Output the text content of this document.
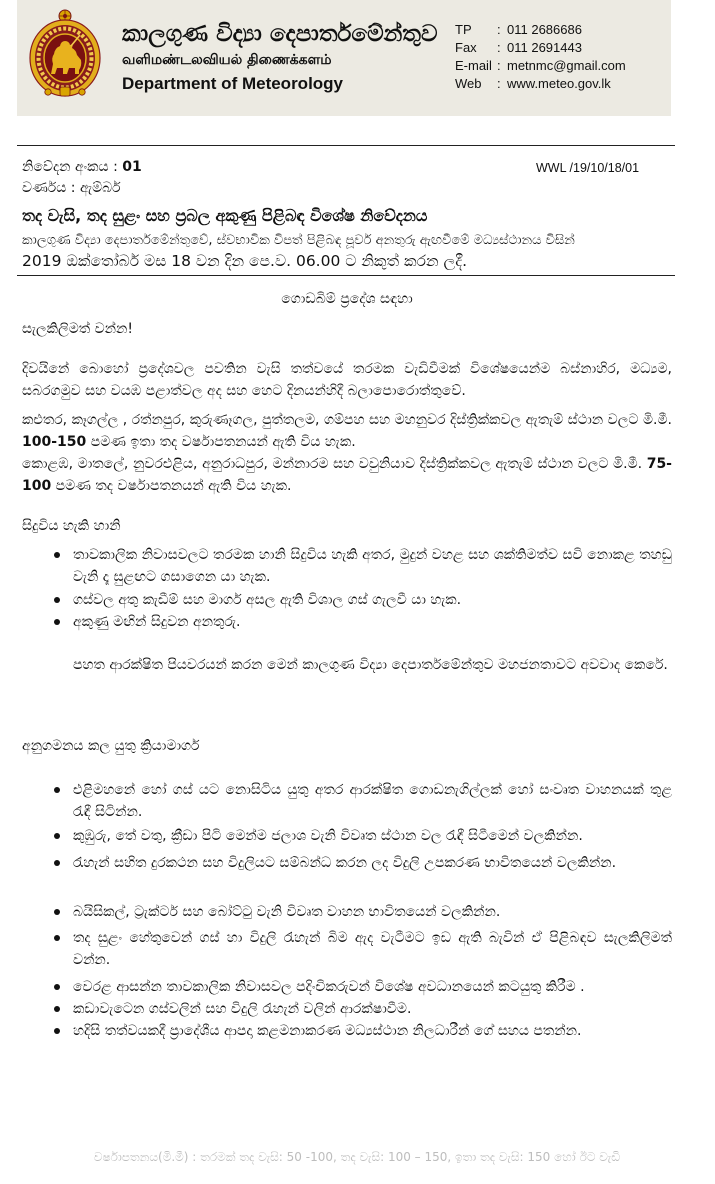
කාලගුණ විද්‍යා දෙපාර්තමේන්තුව
வளிமண்டலவியல் திணைக்களம்
Department of Meteorology
TP	: 011 2686686
Fax	: 011 2691443
E-mail : metnmc@gmail.com
Web	: www.meteo.gov.lk
නිවේදන අංකය : 01	WWL /19/10/18/01
වර්ණය : ඇම්බර්
තද වැසි, තද සුළං සහ ප්‍රබල අකුණු පිළිබඳ විශේෂ නිවේදනය
කාලගුණ විද්‍යා දෙපාර්තමේන්තුවේ, ස්වභාවික විපත් පිළිබඳ පූර්ව අනතුරු ඇඟවීමේ මධ්‍යස්ථානය විසින්
2019 ඔක්තෝබර් මස 18 වන දින පෙ.ව. 06.00 ට නිකුත් කරන ලදී.
ගොඩබිම් ප්‍රදේශ සඳහා
සැලකිලිමත් වන්න!
දිවයිනේ බොහෝ ප්‍රදේශවල පවතින වැසි තත්වයේ තරමක වැඩිවීමක් විශේෂයෙන්ම බස්නාහිර, මධ්‍යම, සබරගමුව සහ වයඹ පළාත්වල අද සහ හෙට දිනයන්හිදී බලාපොරොත්තුවේ.
කළුතර, කෑගල්ල , රත්නපුර, කුරුණෑගල, පුත්තලම, ගම්පහ සහ මහනුවර දිස්ත්‍රික්කවල ඇතැම් ස්ථාන වලට මි.මී. 100-150 පමණ ඉතා තද වර්ෂාපතනයන් ඇති විය හැක.
කොළඹ, මාතලේ, නුවරඑළිය, අනුරාධපුර, මන්නාරම සහ වවුනියාව දිස්ත්‍රික්කවල ඇතැම් ස්ථාන වලට මි.මී. 75-100 පමණ තද වර්ෂාපතනයන් ඇති විය හැක.
සිදුවිය හැකි හානි
තාවකාලික නිවාසවලට තරමක හානි සිදුවිය හැකි අතර, මුදුන් වහළ සහ ශක්තිමත්ව සවි නොකළ තහඩු වැනි දෑ සුළඟට ගසාගෙන යා හැක.
ගස්වල අතු කැඩීම් සහ මාර්ග අසල ඇති විශාල ගස් ගැලවී යා හැක.
අකුණු මඟින් සිදුවන අනතුරු.
පහත ආරක්ෂිත පියවරයන් කරන මෙන් කාලගුණ විද්‍යා දෙපාර්තමේන්තුව මහජනතාවට අවවාද කෙරේ.
අනුගමනය කල යුතු ක්‍රියාමාර්ග
එළිමහනේ හෝ ගස් යට නොසිටිය යුතු අතර ආරක්ෂිත ගොඩනැගිල්ලක් හෝ සංවෘත වාහනයක් තුළ රැඳී සිටින්න.
කුඹුරු, තේ වතු, ක්‍රීඩා පිටි මෙන්ම ජලාශ වැනි විවෘත ස්ථාන වල රැඳී සිටීමෙන් වලකින්න.
රැහැන් සහිත දුරකථන සහ විදුලියට සම්බන්ධ කරන ලද විදුලි උපකරණ භාවිතයෙන් වලකින්න.
බයිසිකල්, ට්‍රැක්ටර් සහ බෝට්ටු වැනි විවෘත වාහන භාවිතයෙන් වලකින්න.
තද සුළං හේතුවෙන් ගස් හා විදුලි රැහැන් බිම ඇද වැටීමට ඉඩ ඇති බැවින් ඒ පිළිබඳව සැලකිලිමත් වන්න.
වෙරළ ආසන්න තාවකාලික නිවාසවල පදිංචිකරුවන් විශේෂ අවධානයෙන් කටයුතු කිරීම .
කඩාවැටෙන ගස්වලින් සහ විදුලි රැහැන් වලින් ආරක්ෂාවීම.
හදිසි තත්වයකදී ප්‍රාදේශීය ආපදා කළමනාකරණ මධ්‍යස්ථාන නිලධාරීන් ගේ සහය පතන්න.
වර්ෂාපතනය(මි.මී) : තරමක් තද වැසි: 50 -100, තද වැසි: 100 – 150, ඉතා තද වැසි: 150 හෝ ඊට වැඩි
